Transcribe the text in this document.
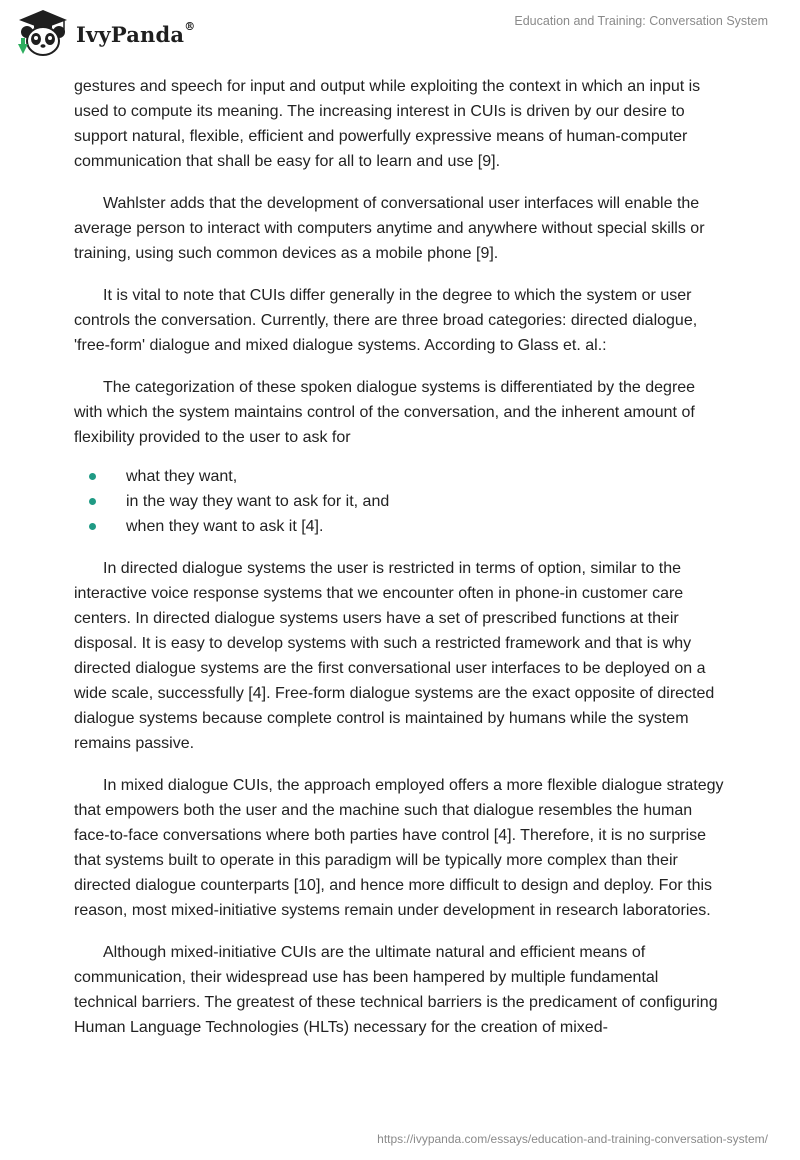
IvyPanda®	Education and Training: Conversation System

gestures and speech for input and output while exploiting the context in which an input is used to compute its meaning. The increasing interest in CUIs is driven by our desire to support natural, flexible, efficient and powerfully expressive means of human-computer communication that shall be easy for all to learn and use [9].

Wahlster adds that the development of conversational user interfaces will enable the average person to interact with computers anytime and anywhere without special skills or training, using such common devices as a mobile phone [9].

It is vital to note that CUIs differ generally in the degree to which the system or user controls the conversation. Currently, there are three broad categories: directed dialogue, 'free-form' dialogue and mixed dialogue systems. According to Glass et. al.:

The categorization of these spoken dialogue systems is differentiated by the degree with which the system maintains control of the conversation, and the inherent amount of flexibility provided to the user to ask for

what they want,
in the way they want to ask for it, and
when they want to ask it [4].

In directed dialogue systems the user is restricted in terms of option, similar to the interactive voice response systems that we encounter often in phone-in customer care centers. In directed dialogue systems users have a set of prescribed functions at their disposal. It is easy to develop systems with such a restricted framework and that is why directed dialogue systems are the first conversational user interfaces to be deployed on a wide scale, successfully [4]. Free-form dialogue systems are the exact opposite of directed dialogue systems because complete control is maintained by humans while the system remains passive.

In mixed dialogue CUIs, the approach employed offers a more flexible dialogue strategy that empowers both the user and the machine such that dialogue resembles the human face-to-face conversations where both parties have control [4]. Therefore, it is no surprise that systems built to operate in this paradigm will be typically more complex than their directed dialogue counterparts [10], and hence more difficult to design and deploy. For this reason, most mixed-initiative systems remain under development in research laboratories.

Although mixed-initiative CUIs are the ultimate natural and efficient means of communication, their widespread use has been hampered by multiple fundamental technical barriers. The greatest of these technical barriers is the predicament of configuring Human Language Technologies (HLTs) necessary for the creation of mixed-

https://ivypanda.com/essays/education-and-training-conversation-system/
